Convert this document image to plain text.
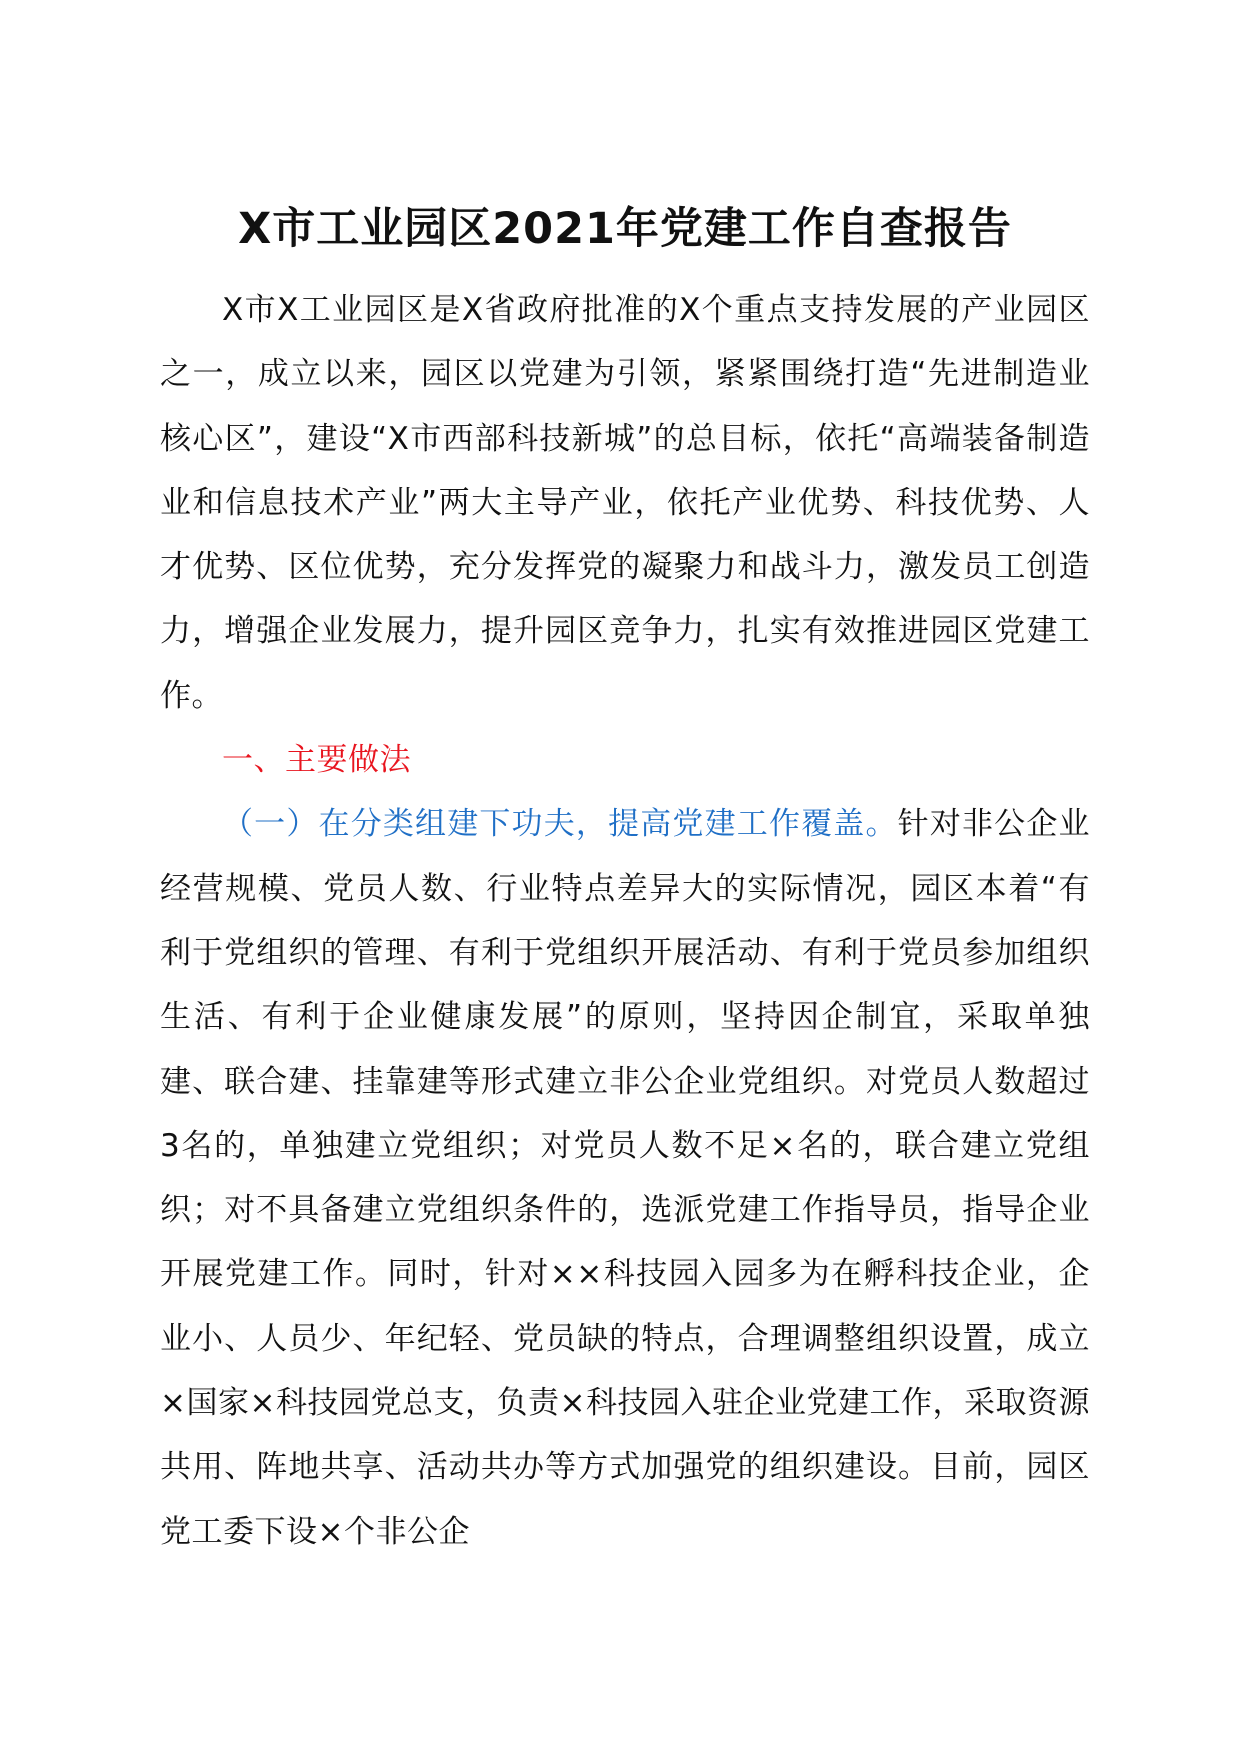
X市工业园区2021年党建工作自查报告

X市X工业园区是X省政府批准的X个重点支持发展的产业园区之一，成立以来，园区以党建为引领，紧紧围绕打造“先进制造业核心区”，建设“X市西部科技新城”的总目标，依托“高端装备制造业和信息技术产业”两大主导产业，依托产业优势、科技优势、人才优势、区位优势，充分发挥党的凝聚力和战斗力，激发员工创造力，增强企业发展力，提升园区竞争力，扎实有效推进园区党建工作。

一、主要做法

（一）在分类组建下功夫，提高党建工作覆盖。针对非公企业经营规模、党员人数、行业特点差异大的实际情况，园区本着“有利于党组织的管理、有利于党组织开展活动、有利于党员参加组织生活、有利于企业健康发展”的原则，坚持因企制宜，采取单独建、联合建、挂靠建等形式建立非公企业党组织。对党员人数超过3名的，单独建立党组织；对党员人数不足×名的，联合建立党组织；对不具备建立党组织条件的，选派党建工作指导员，指导企业开展党建工作。同时，针对××科技园入园多为在孵科技企业，企业小、人员少、年纪轻、党员缺的特点，合理调整组织设置，成立×国家×科技园党总支，负责×科技园入驻企业党建工作，采取资源共用、阵地共享、活动共办等方式加强党的组织建设。目前，园区党工委下设×个非公企
